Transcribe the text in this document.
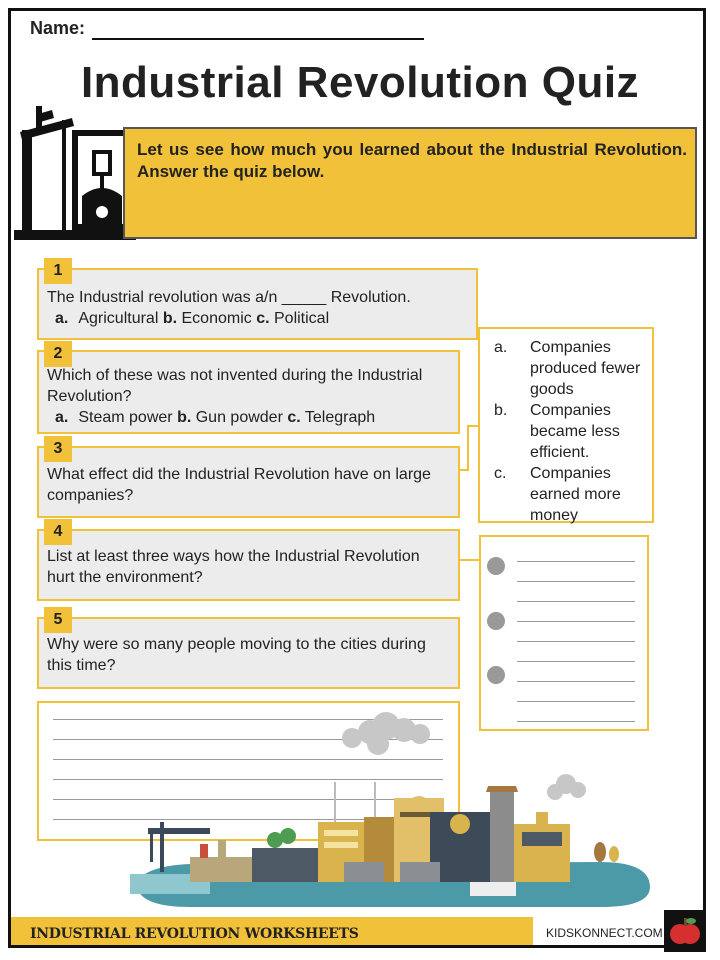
Name:
Industrial Revolution Quiz
Let us see how much you learned about the Industrial Revolution. Answer the quiz below.
The Industrial revolution was a/n _____ Revolution.
a. Agricultural b. Economic c. Political
1
Which of these was not invented during the Industrial Revolution?
a. Steam power b. Gun powder c. Telegraph
2
What effect did the Industrial Revolution have on large companies?
3
a.	Companies produced fewer goods
b.	Companies became less efficient.
c.	Companies earned more money
List at least three ways how the Industrial Revolution hurt the environment?
4
Why were so many people moving to the cities during this time?
5
INDUSTRIAL REVOLUTION WORKSHEETS	KIDSKONNECT.COM
